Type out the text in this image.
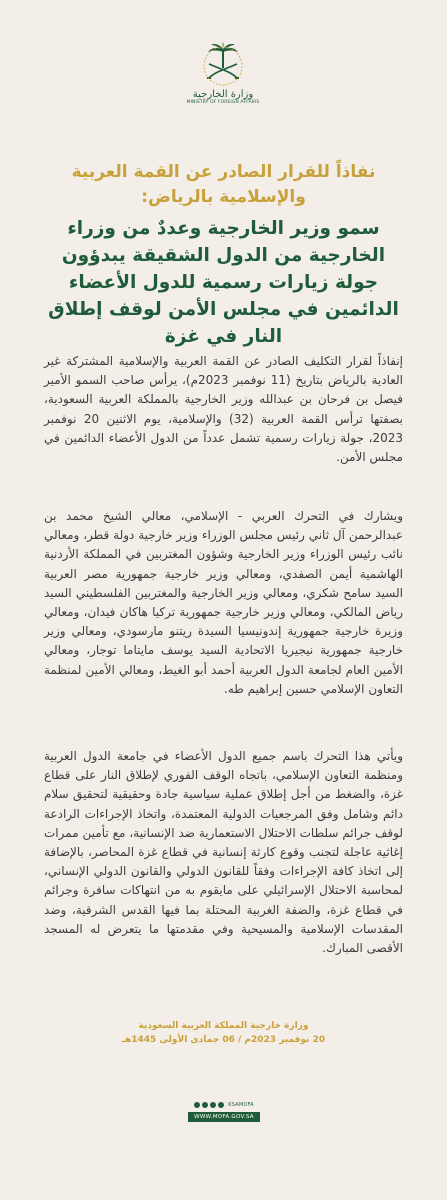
وزارة الخارجية
MINISTRY OF FOREIGN AFFAIRS
نفاذاً للقرار الصادر عن القمة العربية والإسلامية بالرياض:
سمو وزير الخارجية وعددٌ من وزراء الخارجية من الدول الشقيقة يبدؤون جولة زيارات رسمية للدول الأعضاء الدائمين في مجلس الأمن لوقف إطلاق النار في غزة

إنفاذاً لقرار التكليف الصادر عن القمة العربية والإسلامية المشتركة غير العادية بالرياض بتاريخ (11 نوفمبر 2023م)، يرأس صاحب السمو الأمير فيصل بن فرحان بن عبدالله وزير الخارجية بالمملكة العربية السعودية، بصفتها ترأس القمة العربية (32) والإسلامية، يوم الاثنين 20 نوفمبر 2023، جولة زيارات رسمية تشمل عدداً من الدول الأعضاء الدائمين في مجلس الأمن.

ويشارك في التحرك العربي - الإسلامي، معالي الشيخ محمد بن عبدالرحمن آل ثاني رئيس مجلس الوزراء وزير خارجية دولة قطر، ومعالي نائب رئيس الوزراء وزير الخارجية وشؤون المغتربين في المملكة الأردنية الهاشمية أيمن الصفدي، ومعالي وزير خارجية جمهورية مصر العربية السيد سامح شكري، ومعالي وزير الخارجية والمغتربين الفلسطيني السيد رياض المالكي، ومعالي وزير خارجية جمهورية تركيا هاكان فيدان، ومعالي وزيرة خارجية جمهورية إندونيسيا السيدة ريتنو مارسودي، ومعالي وزير خارجية جمهورية نيجيريا الاتحادية السيد يوسف مايتاما توجار، ومعالي الأمين العام لجامعة الدول العربية أحمد أبو الغيط، ومعالي الأمين لمنظمة التعاون الإسلامي حسين إبراهيم طه.

ويأتي هذا التحرك باسم جميع الدول الأعضاء في جامعة الدول العربية ومنظمة التعاون الإسلامي، باتجاه الوقف الفوري لإطلاق النار على قطاع غزة، والضغط من أجل إطلاق عملية سياسية جادة وحقيقية لتحقيق سلام دائم وشامل وفق المرجعيات الدولية المعتمدة، واتخاذ الإجراءات الرادعة لوقف جرائم سلطات الاحتلال الاستعمارية ضد الإنسانية، مع تأمين ممرات إغاثية عاجلة لتجنب وقوع كارثة إنسانية في قطاع غزة المحاصر، بالإضافة إلى اتخاذ كافة الإجراءات وفقاً للقانون الدولي والقانون الدولي الإنساني، لمحاسبة الاحتلال الإسرائيلي على مايقوم به من انتهاكات سافرة وجرائم في قطاع غزة، والضفة الغربية المحتلة بما فيها القدس الشرقية، وضد المقدسات الإسلامية والمسيحية وفي مقدمتها ما يتعرض له المسجد الأقصى المبارك.

وزارة خارجية المملكة العربية السعودية
20 نوفمبر 2023م / 06 جمادى الأولى 1445هـ
KSAMOFA
WWW.MOFA.GOV.SA
